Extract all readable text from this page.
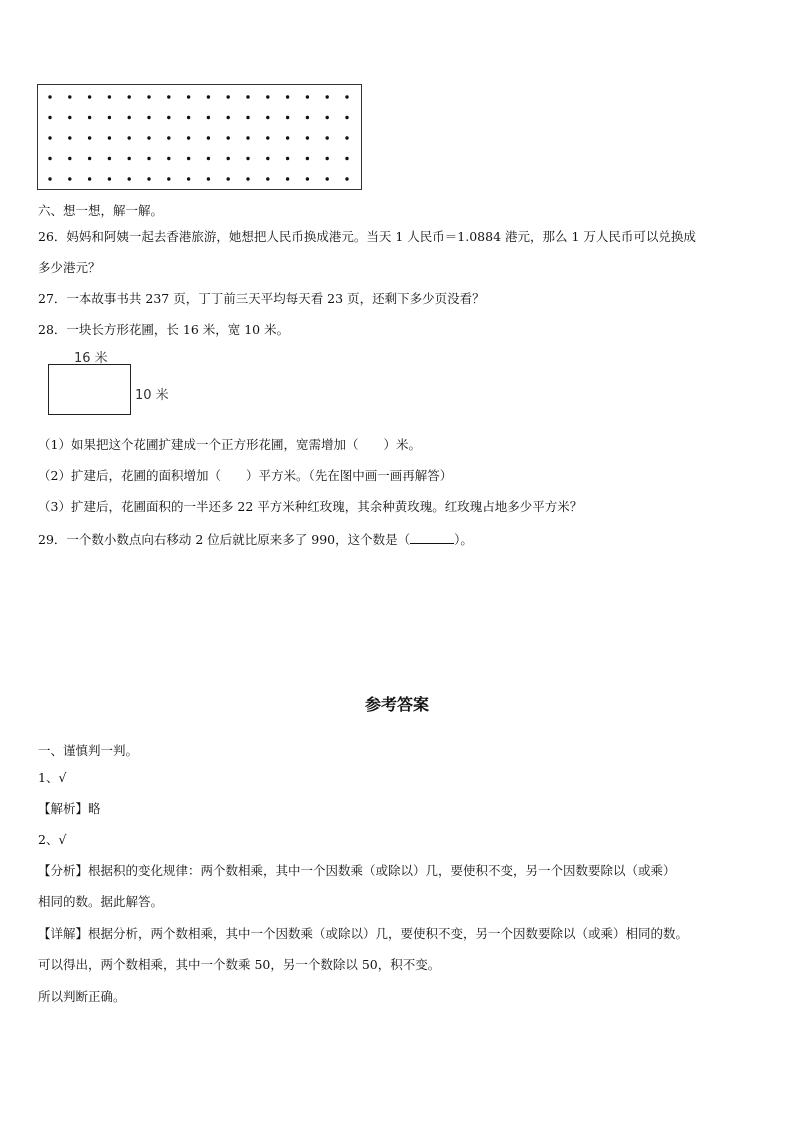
六、想一想，解一解。
26．妈妈和阿姨一起去香港旅游，她想把人民币换成港元。当天 1 人民币＝1.0884 港元，那么 1 万人民币可以兑换成
多少港元？
27．一本故事书共 237 页，丁丁前三天平均每天看 23 页，还剩下多少页没看？
28．一块长方形花圃，长 16 米，宽 10 米。
16 米
10 米
（1）如果把这个花圃扩建成一个正方形花圃，宽需增加（　　）米。
（2）扩建后，花圃的面积增加（　　）平方米。（先在图中画一画再解答）
（3）扩建后，花圃面积的一半还多 22 平方米种红玫瑰，其余种黄玫瑰。红玫瑰占地多少平方米？
29．一个数小数点向右移动 2 位后就比原来多了 990，这个数是（	）。
参考答案
一、谨慎判一判。
1、√
【解析】略
2、√
【分析】根据积的变化规律：两个数相乘，其中一个因数乘（或除以）几，要使积不变，另一个因数要除以（或乘）
相同的数。据此解答。
【详解】根据分析，两个数相乘，其中一个因数乘（或除以）几，要使积不变，另一个因数要除以（或乘）相同的数。
可以得出，两个数相乘，其中一个数乘 50，另一个数除以 50，积不变。
所以判断正确。
